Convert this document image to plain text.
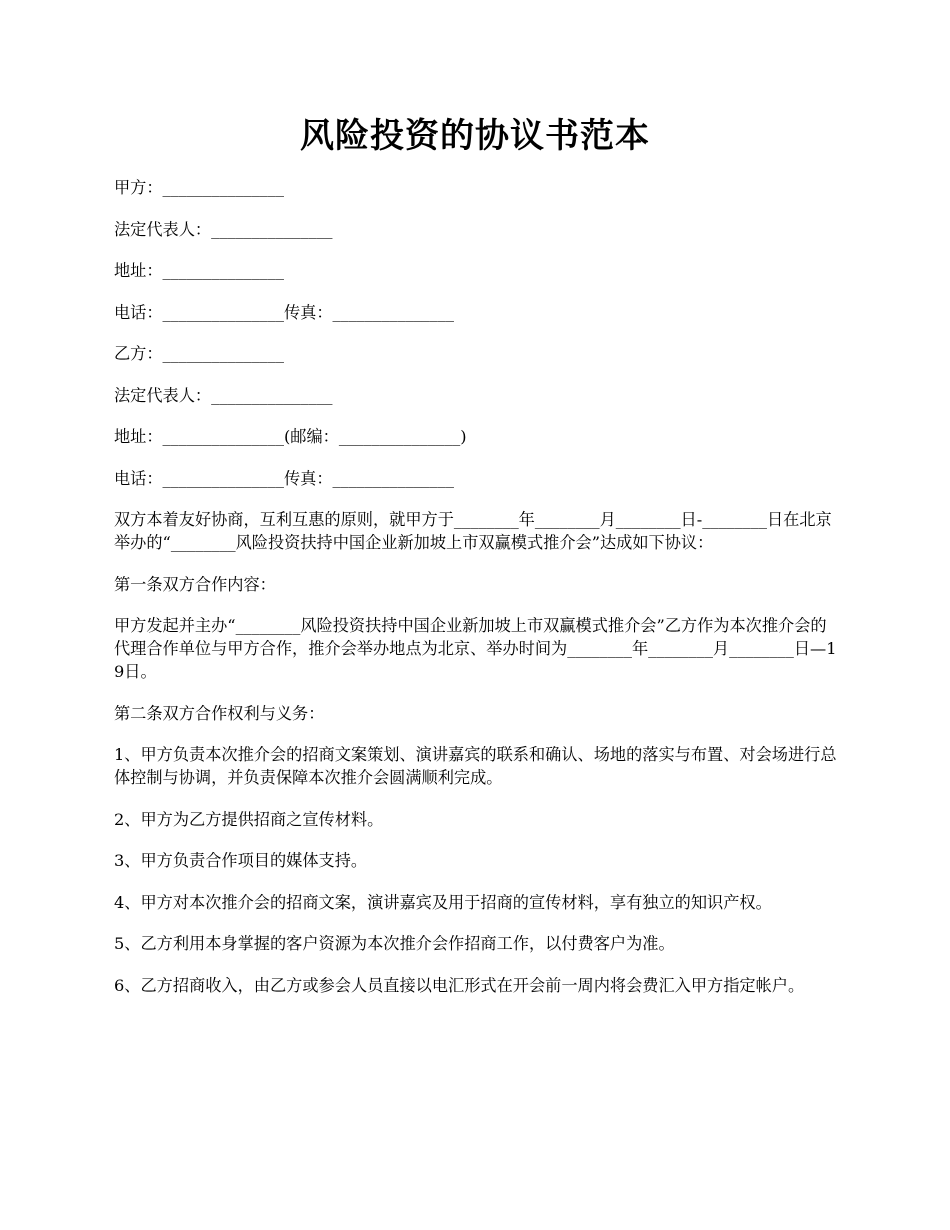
风险投资的协议书范本

甲方：_______________

法定代表人：_______________

地址：_______________

电话：_______________传真：_______________

乙方：_______________

法定代表人：_______________

地址：_______________(邮编：_______________)

电话：_______________传真：_______________

双方本着友好协商，互利互惠的原则，就甲方于________年________月________日-________日在北京举办的“________风险投资扶持中国企业新加坡上市双赢模式推介会”达成如下协议：

第一条双方合作内容：

甲方发起并主办“________风险投资扶持中国企业新加坡上市双赢模式推介会”乙方作为本次推介会的代理合作单位与甲方合作，推介会举办地点为北京、举办时间为________年________月________日—19日。

第二条双方合作权利与义务：

1、甲方负责本次推介会的招商文案策划、演讲嘉宾的联系和确认、场地的落实与布置、对会场进行总体控制与协调，并负责保障本次推介会圆满顺利完成。

2、甲方为乙方提供招商之宣传材料。

3、甲方负责合作项目的媒体支持。

4、甲方对本次推介会的招商文案，演讲嘉宾及用于招商的宣传材料，享有独立的知识产权。

5、乙方利用本身掌握的客户资源为本次推介会作招商工作，以付费客户为准。

6、乙方招商收入，由乙方或参会人员直接以电汇形式在开会前一周内将会费汇入甲方指定帐户。
